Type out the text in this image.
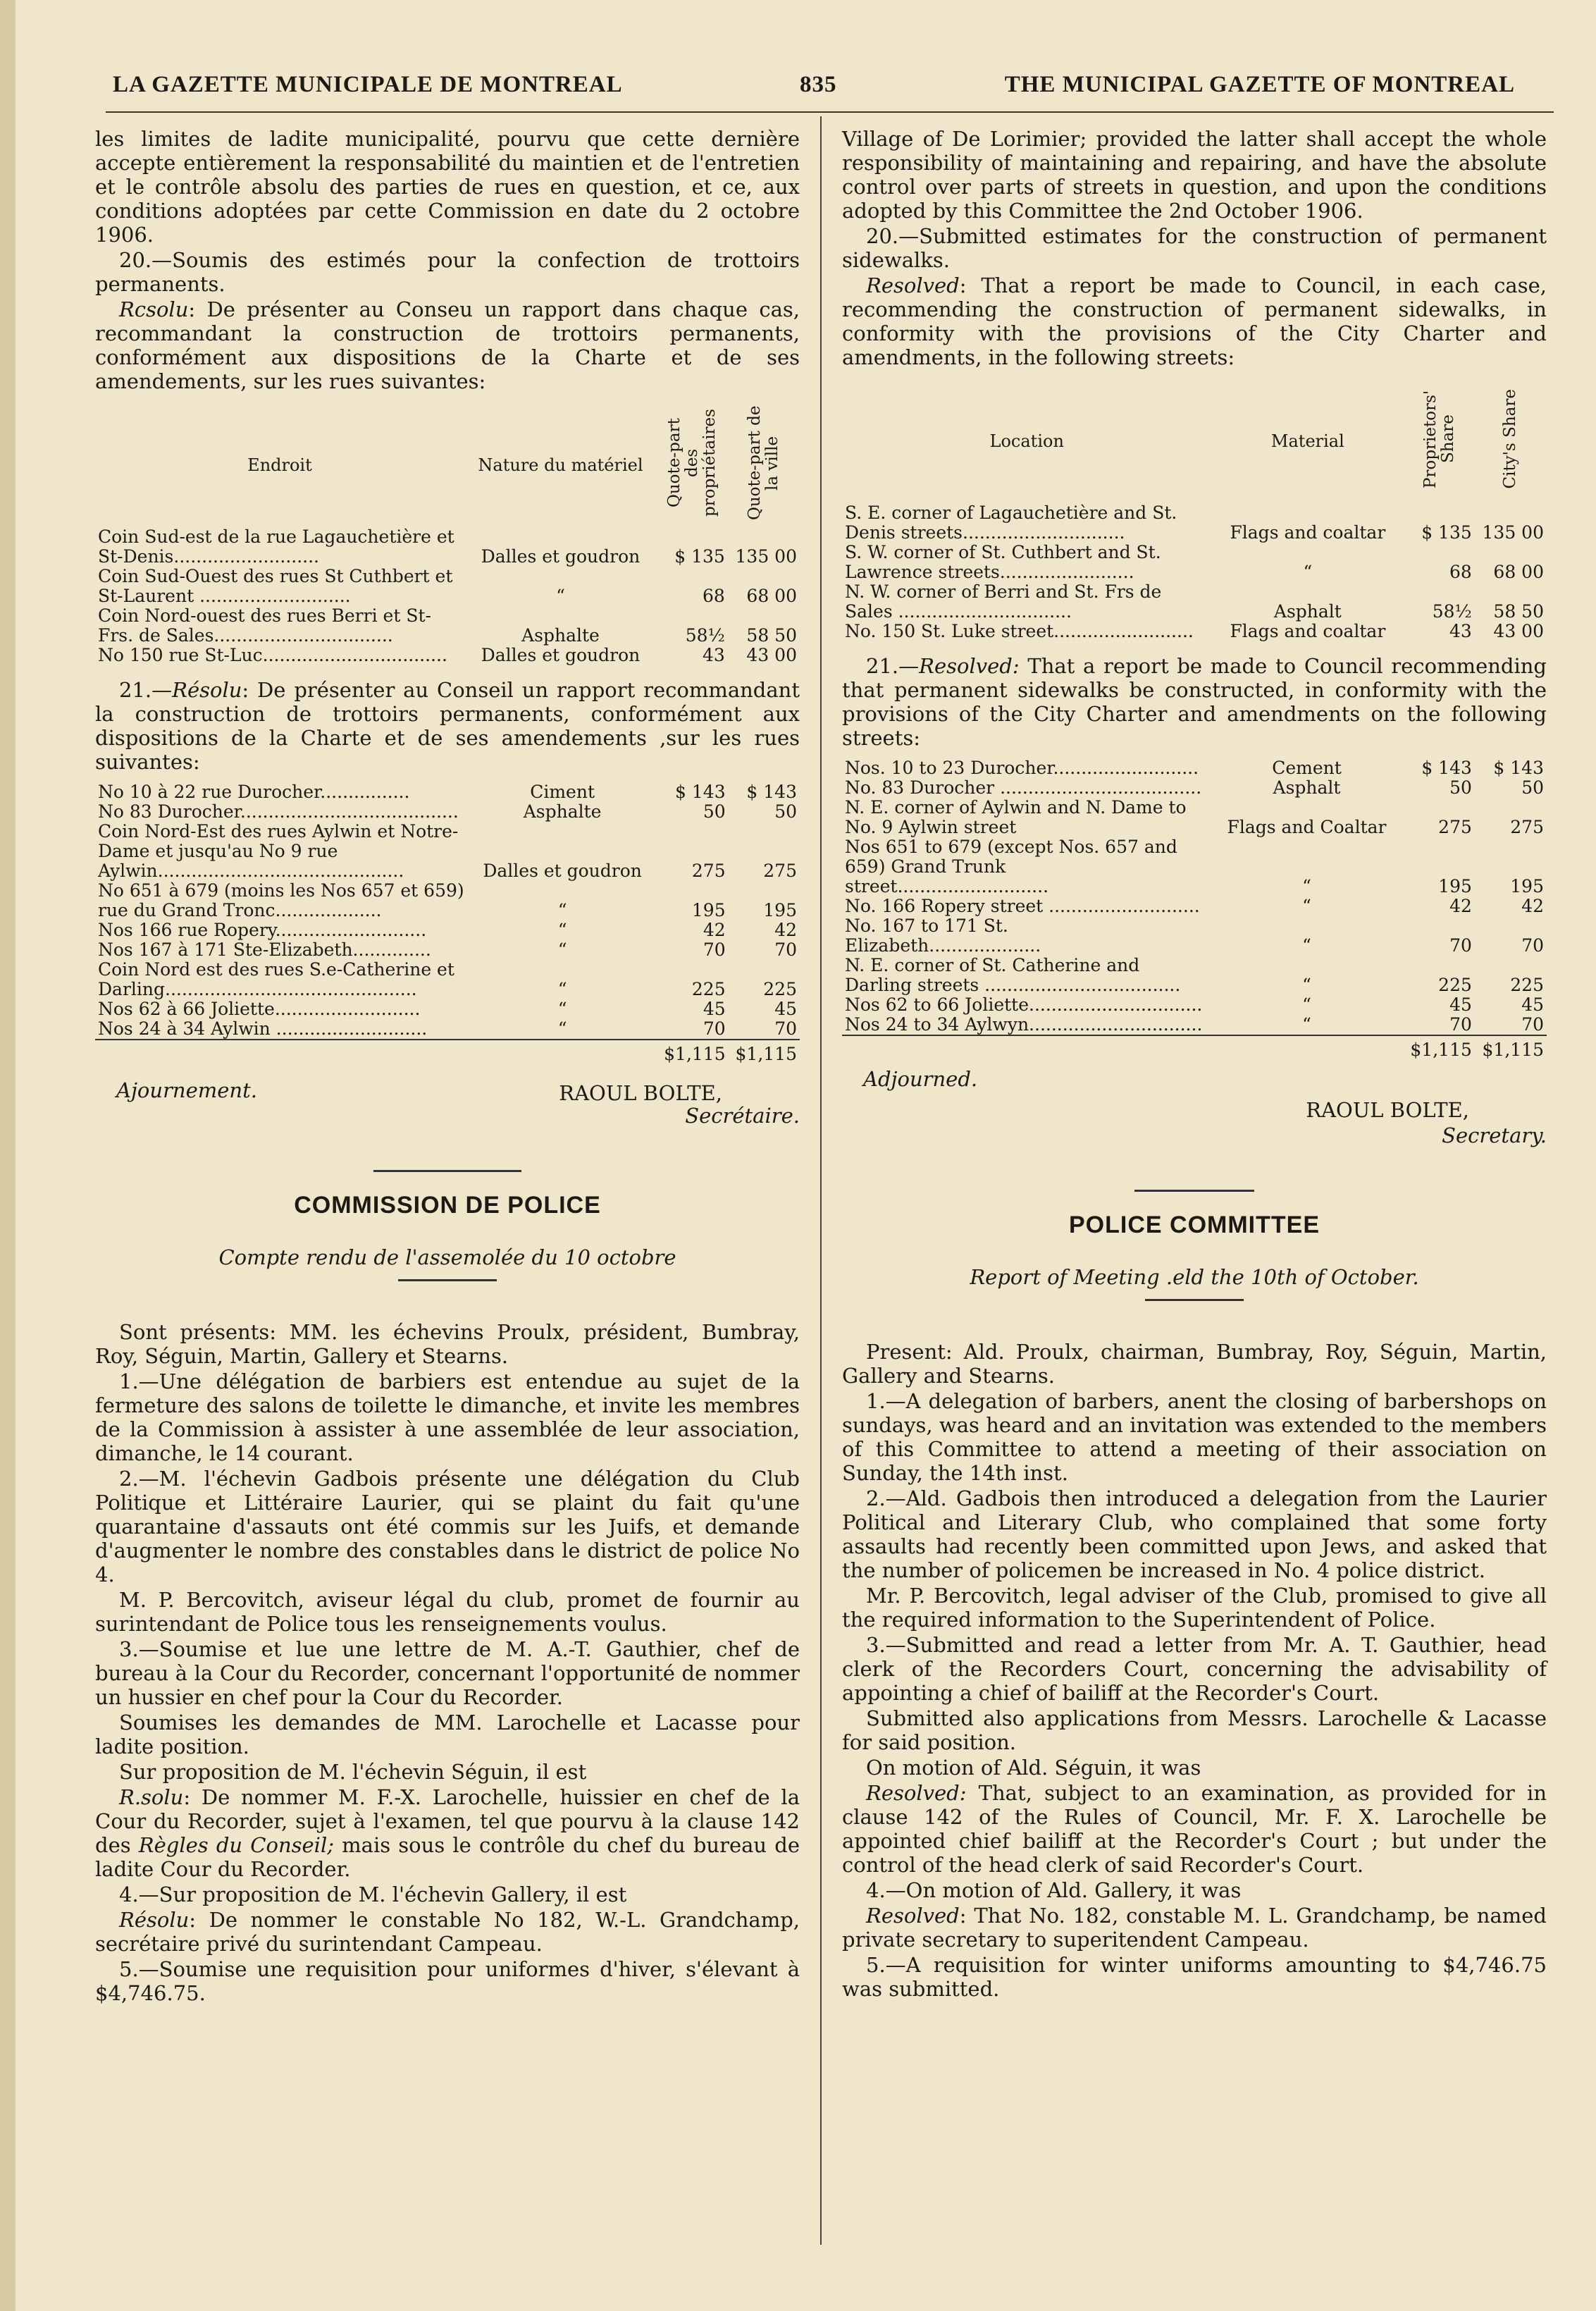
LA GAZETTE MUNICIPALE DE MONTREAL	835	THE MUNICIPAL GAZETTE OF MONTREAL

les limites de ladite municipalité, pourvu que cette dernière accepte entièrement la responsabilité du maintien et de l'entretien et le contrôle absolu des parties de rues en question, et ce, aux conditions adoptées par cette Commission en date du 2 octobre 1906.

20.—Soumis des estimés pour la confection de trottoirs permanents.

Rcsolu: De présenter au Conseu un rapport dans chaque cas, recommandant la construction de trottoirs permanents, conformément aux dispositions de la Charte et de ses amendements, sur les rues suivantes:

Endroit	Nature du matériel	Quote-part des propriétaires	Quote-part de la ville
Coin Sud-est de la rue Lagauchetière et St-Denis..........................	Dalles et goudron	$ 135	135 00
Coin Sud-Ouest des rues St Cuthbert et St-Laurent ...........................	“	68	68 00
Coin Nord-ouest des rues Berri et St-Frs. de Sales................................	Asphalte	58½	58 50
No 150 rue St-Luc.................................	Dalles et goudron	43	43 00

21.—Résolu: De présenter au Conseil un rapport recommandant la construction de trottoirs permanents, conformément aux dispositions de la Charte et de ses amendements ,sur les rues suivantes:

No 10 à 22 rue Durocher................	Ciment	$ 143	$ 143
No 83 Durocher.......................................	Asphalte	50	50
Coin Nord-Est des rues Aylwin et Notre-Dame et jusqu'au No 9 rue Aylwin............................................	Dalles et goudron	275	275
No 651 à 679 (moins les Nos 657 et 659) rue du Grand Tronc...................	“	195	195
Nos 166 rue Ropery...........................	“	42	42
Nos 167 à 171 Ste-Elizabeth..............	“	70	70
Coin Nord est des rues S.e-Catherine et Darling.............................................	“	225	225
Nos 62 à 66 Joliette..........................	“	45	45
Nos 24 à 34 Aylwin ...........................	“	70	70
		$1,115	$1,115

RAOUL BOLTE,

Ajournement.

Secrétaire.

COMMISSION DE POLICE
Compte rendu de l'assemolée du 10 octobre

Sont présents: MM. les échevins Proulx, président, Bumbray, Roy, Séguin, Martin, Gallery et Stearns.

1.—Une délégation de barbiers est entendue au sujet de la fermeture des salons de toilette le dimanche, et invite les membres de la Commission à assister à une assemblée de leur association, dimanche, le 14 courant.

2.—M. l'échevin Gadbois présente une délégation du Club Politique et Littéraire Laurier, qui se plaint du fait qu'une quarantaine d'assauts ont été commis sur les Juifs, et demande d'augmenter le nombre des constables dans le district de police No 4.

M. P. Bercovitch, aviseur légal du club, promet de fournir au surintendant de Police tous les renseignements voulus.

3.—Soumise et lue une lettre de M. A.-T. Gauthier, chef de bureau à la Cour du Recorder, concernant l'opportunité de nommer un hussier en chef pour la Cour du Recorder.

Soumises les demandes de MM. Larochelle et Lacasse pour ladite position.

Sur proposition de M. l'échevin Séguin, il est

R.solu: De nommer M. F.-X. Larochelle, huissier en chef de la Cour du Recorder, sujet à l'examen, tel que pourvu à la clause 142 des Règles du Conseil; mais sous le contrôle du chef du bureau de ladite Cour du Recorder.

4.—Sur proposition de M. l'échevin Gallery, il est

Résolu: De nommer le constable No 182, W.-L. Grandchamp, secrétaire privé du surintendant Campeau.

5.—Soumise une requisition pour uniformes d'hiver, s'élevant à $4,746.75.

Village of De Lorimier; provided the latter shall accept the whole responsibility of maintaining and repairing, and have the absolute control over parts of streets in question, and upon the conditions adopted by this Committee the 2nd October 1906.

20.—Submitted estimates for the construction of permanent sidewalks.

Resolved: That a report be made to Council, in each case, recommending the construction of permanent sidewalks, in conformity with the provisions of the City Charter and amendments, in the following streets:

Location	Material	Proprietors' Share	City's Share
S. E. corner of Lagauchetière and St. Denis streets.............................	Flags and coaltar	$ 135	135 00
S. W. corner of St. Cuthbert and St. Lawrence streets........................	“	68	68 00
N. W. corner of Berri and St. Frs de Sales ...............................	Asphalt	58½	58 50
No. 150 St. Luke street.........................	Flags and coaltar	43	43 00

21.—Resolved: That a report be made to Council recommending that permanent sidewalks be constructed, in conformity with the provisions of the City Charter and amendments on the following streets:

Nos. 10 to 23 Durocher..........................	Cement	$ 143	$ 143
No. 83 Durocher ....................................	Asphalt	50	50
N. E. corner of Aylwin and N. Dame to No. 9 Aylwin street	Flags and Coaltar	275	275
Nos 651 to 679 (except Nos. 657 and 659) Grand Trunk street...........................	“	195	195
No. 166 Ropery street ...........................	“	42	42
No. 167 to 171 St. Elizabeth....................	“	70	70
N. E. corner of St. Catherine and Darling streets ...................................	“	225	225
Nos 62 to 66 Joliette...............................	“	45	45
Nos 24 to 34 Aylwyn...............................	“	70	70
		$1,115	$1,115

Adjourned.

RAOUL BOLTE,

Secretary.

POLICE COMMITTEE
Report of Meeting .eld the 10th of October.

Present: Ald. Proulx, chairman, Bumbray, Roy, Séguin, Martin, Gallery and Stearns.

1.—A delegation of barbers, anent the closing of barbershops on sundays, was heard and an invitation was extended to the members of this Committee to attend a meeting of their association on Sunday, the 14th inst.

2.—Ald. Gadbois then introduced a delegation from the Laurier Political and Literary Club, who complained that some forty assaults had recently been committed upon Jews, and asked that the number of policemen be increased in No. 4 police district.

Mr. P. Bercovitch, legal adviser of the Club, promised to give all the required information to the Superintendent of Police.

3.—Submitted and read a letter from Mr. A. T. Gauthier, head clerk of the Recorders Court, concerning the advisability of appointing a chief of bailiff at the Recorder's Court.

Submitted also applications from Messrs. Larochelle & Lacasse for said position.

On motion of Ald. Séguin, it was

Resolved: That, subject to an examination, as provided for in clause 142 of the Rules of Council, Mr. F. X. Larochelle be appointed chief bailiff at the Recorder's Court ; but under the control of the head clerk of said Recorder's Court.

4.—On motion of Ald. Gallery, it was

Resolved: That No. 182, constable M. L. Grandchamp, be named private secretary to superitendent Campeau.

5.—A requisition for winter uniforms amounting to $4,746.75 was submitted.
